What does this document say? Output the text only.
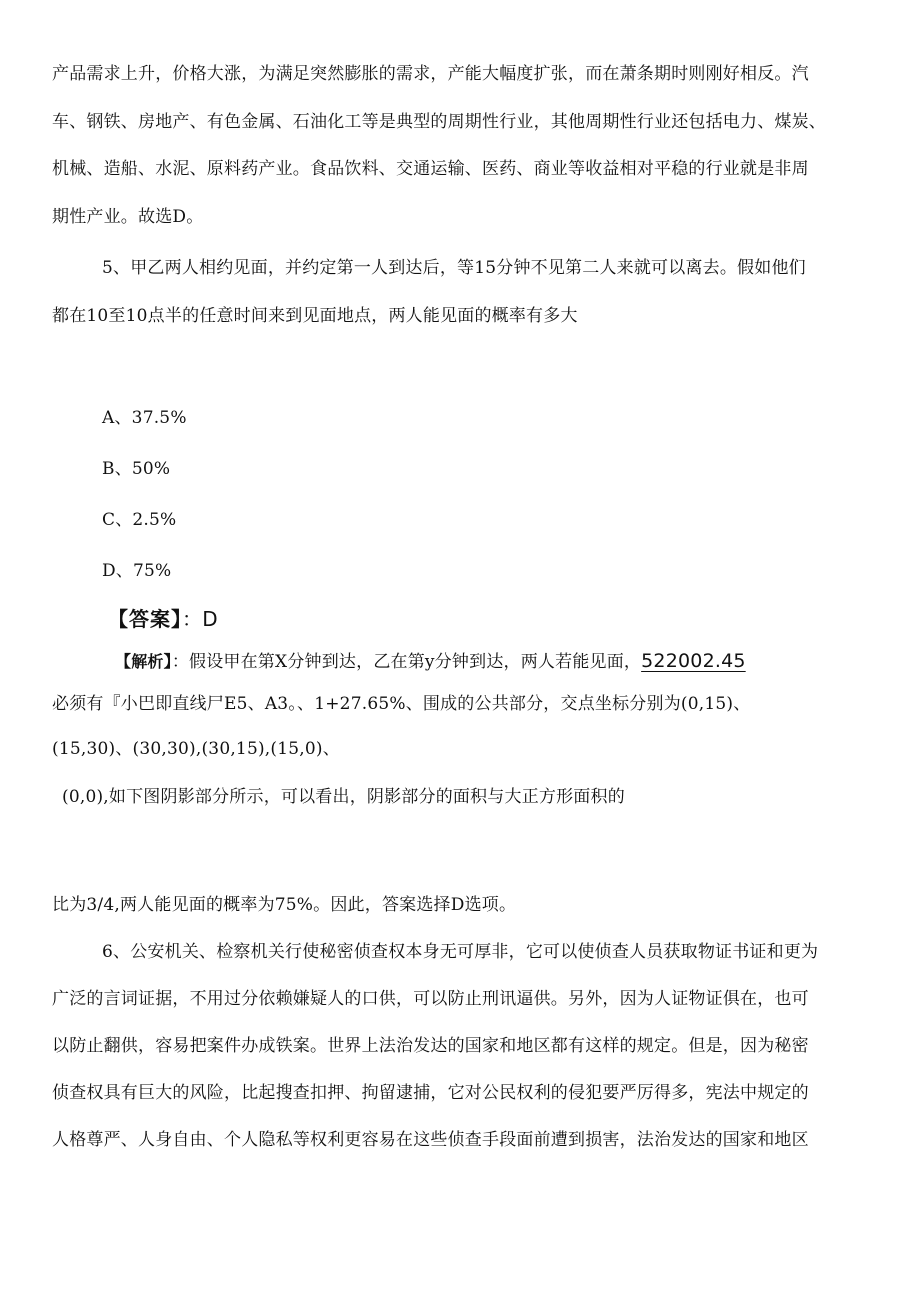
产品需求上升，价格大涨，为满足突然膨胀的需求，产能大幅度扩张，而在萧条期时则刚好相反。汽
车、钢铁、房地产、有色金属、石油化工等是典型的周期性行业，其他周期性行业还包括电力、煤炭、
机械、造船、水泥、原料药产业。食品饮料、交通运输、医药、商业等收益相对平稳的行业就是非周
期性产业。故选D。
5、甲乙两人相约见面，并约定第一人到达后，等15分钟不见第二人来就可以离去。假如他们
都在10至10点半的任意时间来到见面地点，两人能见面的概率有多大
A、37.5%
B、50%
C、2.5%
D、75%
【答案】：D
【解析】：假设甲在第X分钟到达，乙在第y分钟到达，两人若能见面，522002.45
必须有『小巴即直线尸E5、A3。、1+27.65%、围成的公共部分，交点坐标分别为(0,15)、
(15,30)、(30,30),(30,15),(15,0)、
(0,0),如下图阴影部分所示，可以看出，阴影部分的面积与大正方形面积的
比为3/4,两人能见面的概率为75%。因此，答案选择D选项。
6、公安机关、检察机关行使秘密侦查权本身无可厚非，它可以使侦查人员获取物证书证和更为
广泛的言词证据，不用过分依赖嫌疑人的口供，可以防止刑讯逼供。另外，因为人证物证俱在，也可
以防止翻供，容易把案件办成铁案。世界上法治发达的国家和地区都有这样的规定。但是，因为秘密
侦查权具有巨大的风险，比起搜查扣押、拘留逮捕，它对公民权利的侵犯要严厉得多，宪法中规定的
人格尊严、人身自由、个人隐私等权利更容易在这些侦查手段面前遭到损害，法治发达的国家和地区
